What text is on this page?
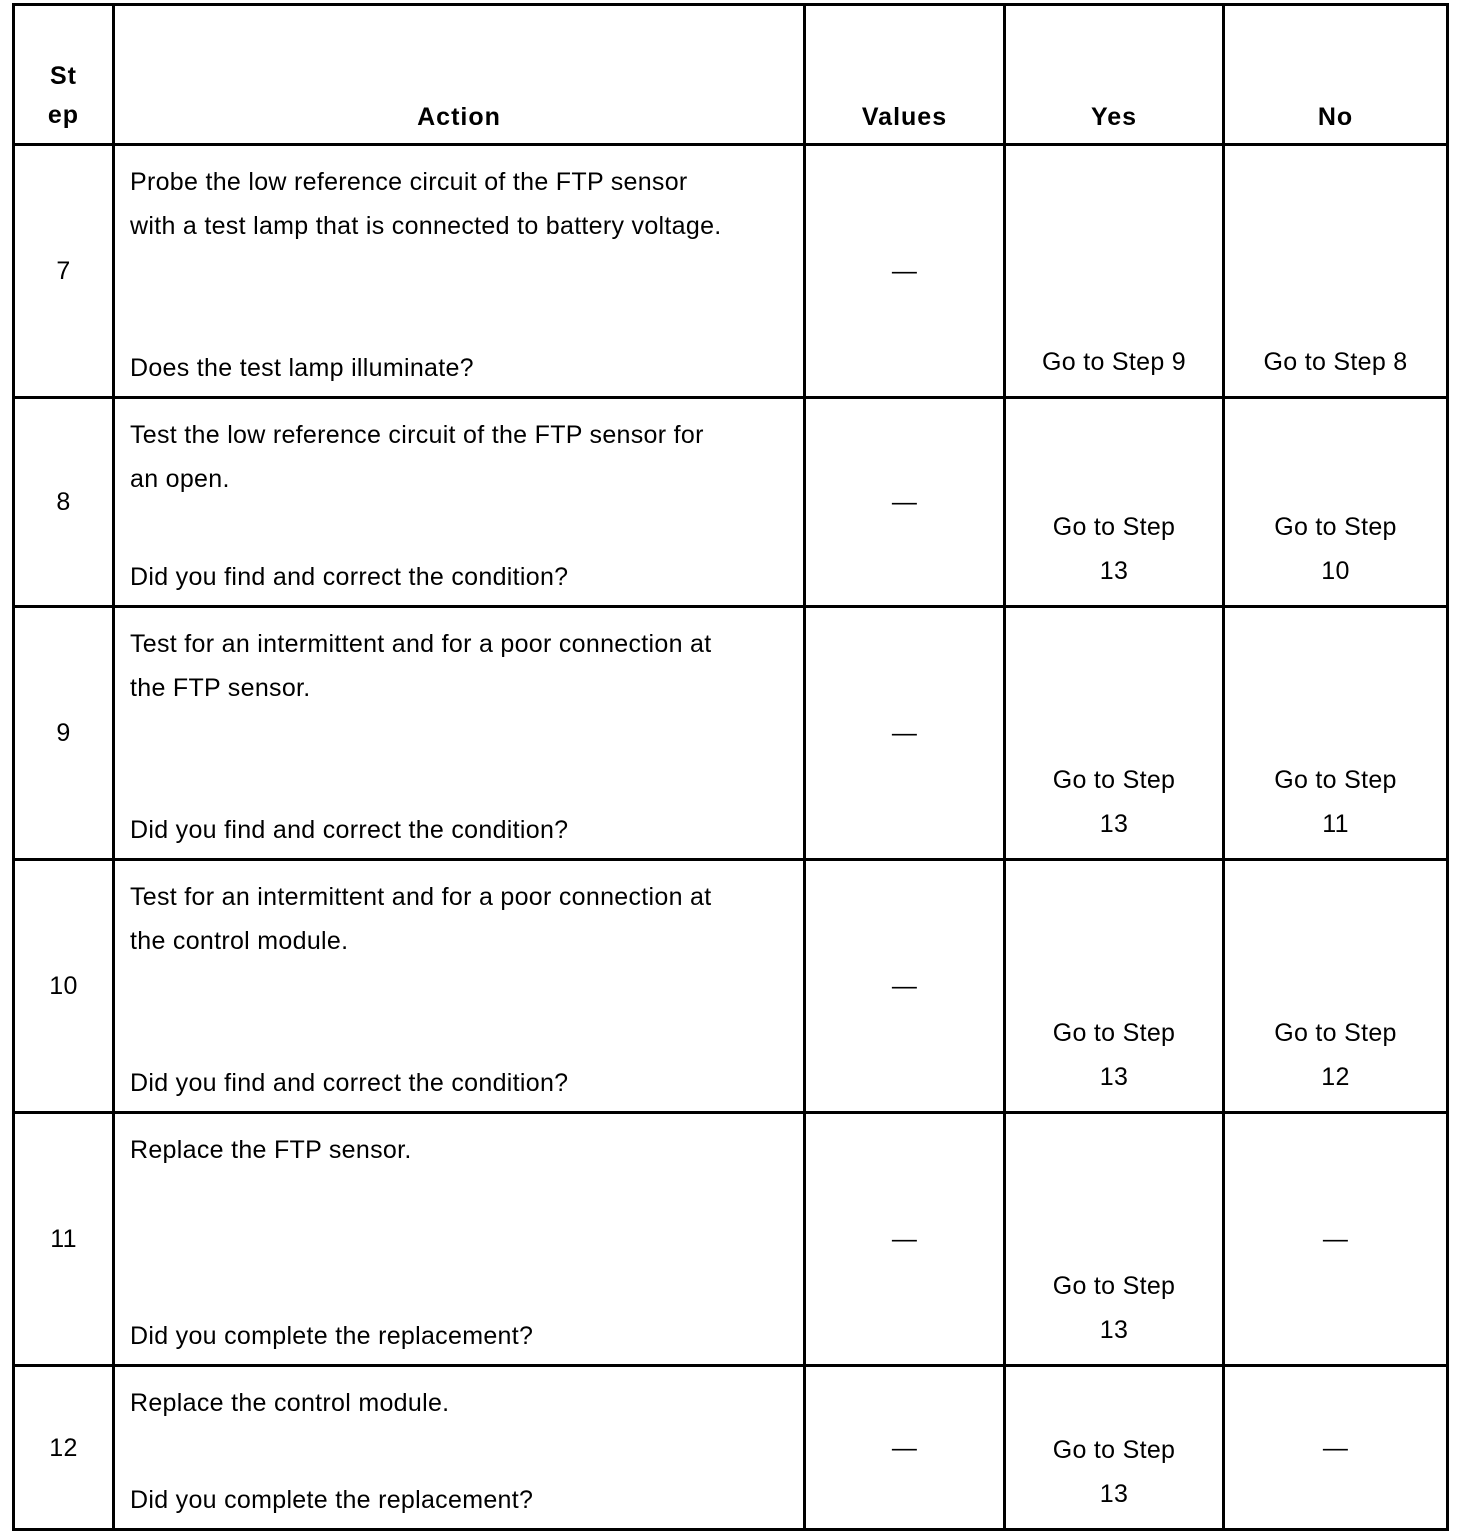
St
ep	Action	Values	Yes	No
7	Probe the low reference circuit of the FTP sensor with a test lamp that is connected to battery voltage.
Does the test lamp illuminate?	—	Go to Step 9	Go to Step 8
8	Test the low reference circuit of the FTP sensor for an open.
Did you find and correct the condition?	—	Go to Step 13	Go to Step 10
9	Test for an intermittent and for a poor connection at the FTP sensor.
Did you find and correct the condition?	—	Go to Step 13	Go to Step 11
10	Test for an intermittent and for a poor connection at the control module.
Did you find and correct the condition?	—	Go to Step 13	Go to Step 12
11	Replace the FTP sensor.
Did you complete the replacement?	—	Go to Step 13	—
12	Replace the control module.
Did you complete the replacement?	—	Go to Step 13	—
